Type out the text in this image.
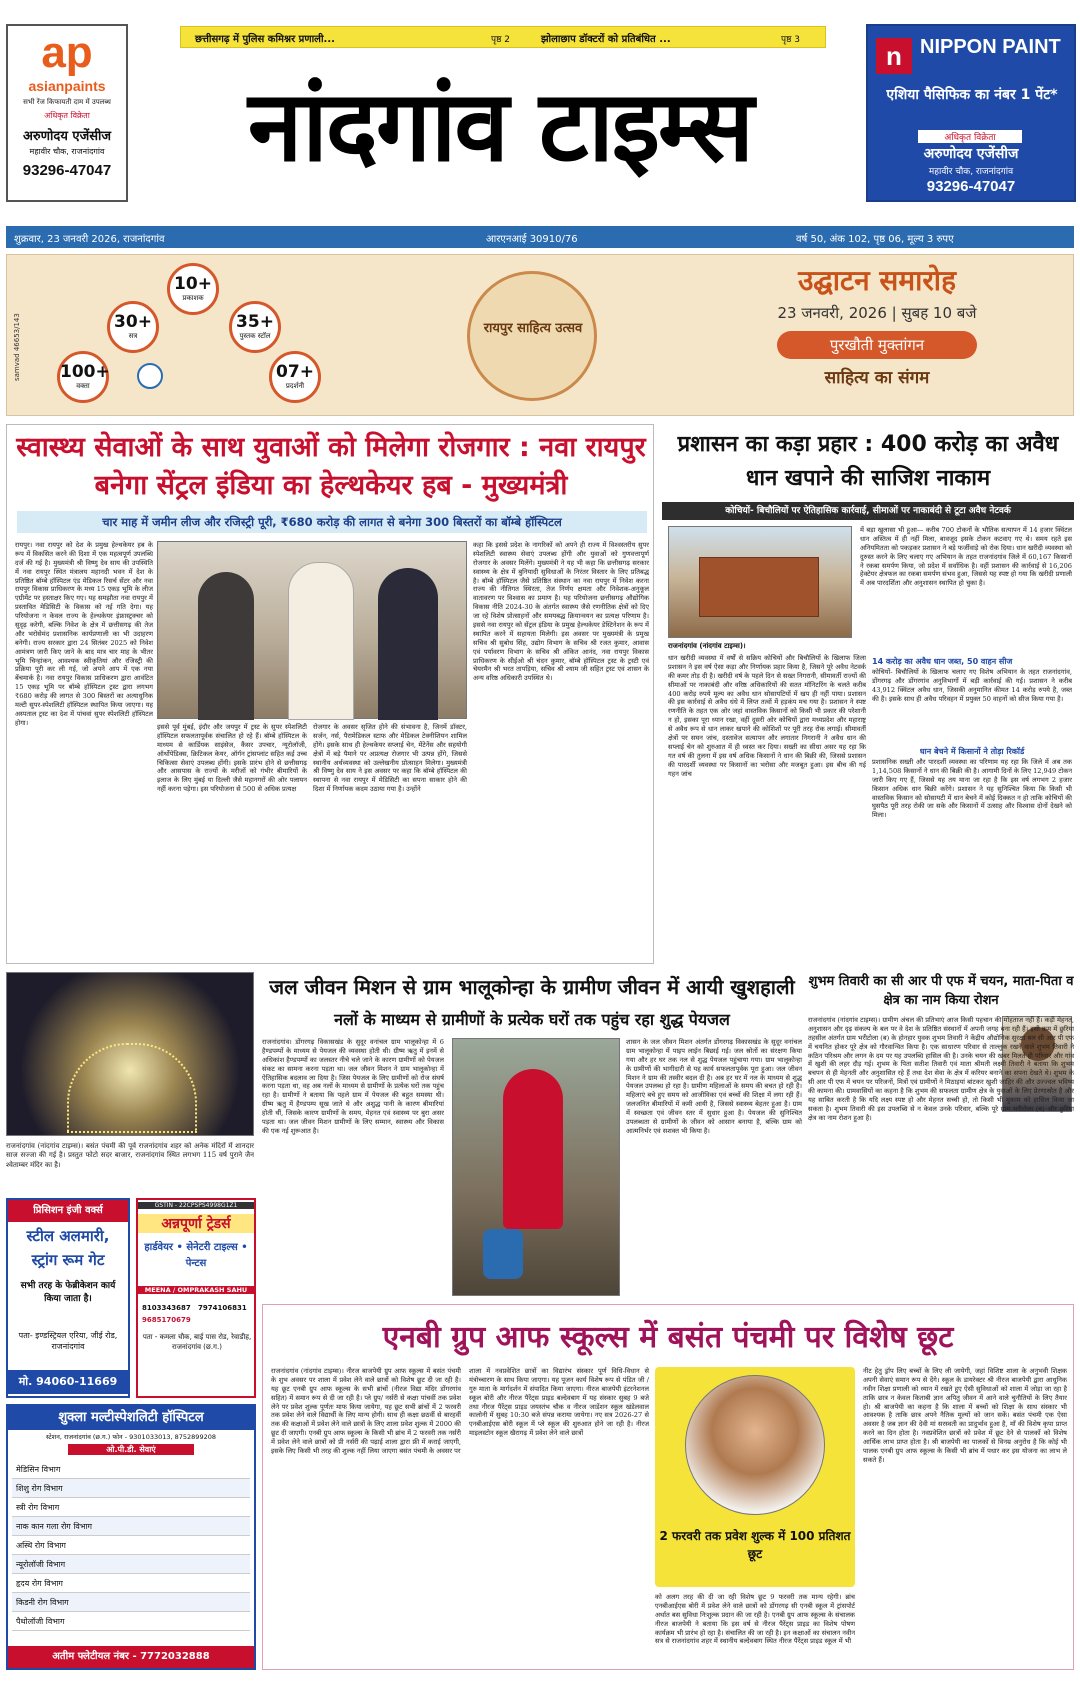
ap
asianpaints
सभी रेंज किफायती दाम में उपलब्ध
अधिकृत विक्रेता
अरुणोदय एजेंसीज
महावीर चौक, राजनांदगांव
93296-47047
छत्तीसगढ़ में पुलिस कमिश्नर प्रणाली...	पृष्ठ 2	झोलाछाप डॉक्टरों को प्रतिबंधित ...	पृष्ठ 3
नांदगांव टाइम्स
n NIPPON PAINT
एशिया पैसिफिक का नंबर 1 पेंट*
अधिकृत विक्रेता
अरुणोदय एजेंसीज
महावीर चौक, राजनांदगांव
93296-47047
शुक्रवार, 23 जनवरी 2026, राजनांदगांव	आरएनआई 30910/76	वर्ष 50, अंक 102, पृष्ठ 06, मूल्य 3 रुपए
samvad 46653/143	30+
सत्र
10+
प्रकाशक
35+
पुस्तक स्टॉल
07+
प्रदर्शनी
100+
वक्ता
रायपुर साहित्य उत्सव
उद्घाटन समारोह
23 जनवरी, 2026 | सुबह 10 बजे
पुरखौती मुक्तांगन
साहित्य का संगम
स्वास्थ्य सेवाओं के साथ युवाओं को मिलेगा रोजगार : नवा रायपुर बनेगा सेंट्रल इंडिया का हेल्थकेयर हब - मुख्यमंत्री
चार माह में जमीन लीज और रजिस्ट्री पूरी, ₹680 करोड़ की लागत से बनेगा 300 बिस्तरों का बॉम्बे हॉस्पिटल
रायपुर। नवा रायपुर को देश के प्रमुख हेल्थकेयर हब के रूप में विकसित करने की दिशा में एक महत्वपूर्ण उपलब्धि दर्ज की गई है। मुख्यमंत्री श्री विष्णु देव साय की उपस्थिति में नवा रायपुर स्थित मंत्रालय महानदी भवन में देश के प्रतिष्ठित बॉम्बे हॉस्पिटल एंड मेडिकल रिसर्च सेंटर और नवा रायपुर विकास प्राधिकरण के मध्य 15 एकड़ भूमि के लीज एग्रीमेंट पर हस्ताक्षर किए गए। यह समझौता नवा रायपुर में प्रस्तावित मेडिसिटी के विकास को नई गति देगा। यह परियोजना न केवल राज्य के हेल्थकेयर इंफ्रास्ट्रक्चर को सुदृढ़ करेगी, बल्कि निवेश के क्षेत्र में छत्तीसगढ़ की तेज और भरोसेमंद प्रशासनिक कार्यप्रणाली का भी उदाहरण बनेगी। राज्य सरकार द्वारा 24 सितंबर 2025 को निवेश आमंत्रण जारी किए जाने के बाद मात्र चार माह के भीतर भूमि चिन्हांकन, आवश्यक स्वीकृतियां और रजिस्ट्री की प्रक्रिया पूरी कर ली गई, जो अपने आप में एक नया बेंचमार्क है। नवा रायपुर विकास प्राधिकरण द्वारा आवंटित 15 एकड़ भूमि पर बॉम्बे हॉस्पिटल ट्रस्ट द्वारा लगभग ₹680 करोड़ की लागत से 300 बिस्तरों का अत्याधुनिक मल्टी सुपर-स्पेशलिटी हॉस्पिटल स्थापित किया जाएगा। यह अस्पताल ट्रस्ट का देश में पांचवां सुपर स्पेशलिटी हॉस्पिटल होगा।
इससे पूर्व मुंबई, इंदौर और जयपुर में ट्रस्ट के सुपर स्पेशलिटी हॉस्पिटल सफलतापूर्वक संचालित हो रहे हैं। बॉम्बे हॉस्पिटल के माध्यम से कार्डियक साइंसेज, कैंसर उपचार, न्यूरोलॉजी, ऑर्थोपेडिक्स, क्रिटिकल केयर, ऑर्गन ट्रांसप्लांट सहित कई उच्च चिकित्सा सेवाएं उपलब्ध होंगी। इसके प्रारंभ होने से छत्तीसगढ़ और आसपास के राज्यों के मरीजों को गंभीर बीमारियों के इलाज के लिए मुंबई या दिल्ली जैसे महानगरों की ओर पलायन नहीं करना पड़ेगा। इस परियोजना से 500 से अधिक प्रत्यक्ष
रोजगार के अवसर सृजित होने की संभावना है, जिनमें डॉक्टर, सर्जन, नर्स, पैरामेडिकल स्टाफ और मेडिकल टेक्नीशियन शामिल होंगे। इसके साथ ही हेल्थकेयर सप्लाई चेन, मेंटेनेंस और सहयोगी क्षेत्रों में बड़े पैमाने पर अप्रत्यक्ष रोजगार भी उत्पन्न होंगे, जिससे स्थानीय अर्थव्यवस्था को उल्लेखनीय प्रोत्साहन मिलेगा। मुख्यमंत्री श्री विष्णु देव साय ने इस अवसर पर कहा कि बॉम्बे हॉस्पिटल की स्थापना से नवा रायपुर में मेडिसिटी का सपना साकार होने की दिशा में निर्णायक कदम उठाया गया है। उन्होंने
कहा कि इससे प्रदेश के नागरिकों को अपने ही राज्य में विश्वस्तरीय सुपर स्पेशलिटी स्वास्थ्य सेवाएं उपलब्ध होंगी और युवाओं को गुणवत्तापूर्ण रोजगार के अवसर मिलेंगे। मुख्यमंत्री ने यह भी कहा कि छत्तीसगढ़ सरकार स्वास्थ्य के क्षेत्र में बुनियादी सुविधाओं के निरंतर विस्तार के लिए प्रतिबद्ध है। बॉम्बे हॉस्पिटल जैसे प्रतिष्ठित संस्थान का नवा रायपुर में निवेश करना राज्य की नीतिगत स्थिरता, तेज निर्णय क्षमता और निवेशक-अनुकूल वातावरण पर विश्वास का प्रमाण है। यह परियोजना छत्तीसगढ़ औद्योगिक विकास नीति 2024-30 के अंतर्गत स्वास्थ्य जैसे रणनीतिक क्षेत्रों को दिए जा रहे विशेष प्रोत्साहनों और समयबद्ध क्रियान्वयन का प्रत्यक्ष परिणाम है। इससे नवा रायपुर को सेंट्रल इंडिया के प्रमुख हेल्थकेयर डेस्टिनेशन के रूप में स्थापित करने में सहायता मिलेगी। इस अवसर पर मुख्यमंत्री के प्रमुख सचिव श्री सुबोध सिंह, उद्योग विभाग के सचिव श्री रजत कुमार, आवास एवं पर्यावरण विभाग के सचिव श्री अंकित आनंद, नवा रायपुर विकास प्राधिकरण के सीईओ श्री चंदन कुमार, बॉम्बे हॉस्पिटल ट्रस्ट के ट्रस्टी एवं चेयरमैन श्री भरत तापड़िया, सचिव श्री श्याम जी सहित ट्रस्ट एवं शासन के अन्य वरिष्ठ अधिकारी उपस्थित थे।
प्रशासन का कड़ा प्रहार : 400 करोड़ का अवैध धान खपाने की साजिश नाकाम
कोचियों- बिचौलियों पर ऐतिहासिक कार्रवाई, सीमाओं पर नाकाबंदी से टूटा अवैध नेटवर्क
में बड़ा खुलासा भी हुआ— करीब 700 टोकनों के भौतिक सत्यापन में 14 हजार क्विंटल धान अस्तित्व में ही नहीं मिला, बावजूद इसके टोकन कटवाए गए थे। समय रहते इस अनियमितता को पकड़कर प्रशासन ने बड़े फर्जीवाड़े को रोक दिया। धान खरीदी व्यवस्था को दुरुस्त करने के लिए चलाए गए अभियान के तहत राजनांदगांव जिले में 60,167 किसानों ने रकबा समर्पण किया, जो प्रदेश में सर्वाधिक है। वहीं प्रशासन की कार्रवाई से 16,206 हेक्टेयर क्षेत्रफल का रकबा समर्पण संभव हुआ, जिससे यह स्पष्ट हो गया कि खरीदी प्रणाली में अब पारदर्शिता और अनुशासन स्थापित हो चुका है।
राजनांदगांव (नांदगांव टाइम्स)।
धान खरीदी व्यवस्था में वर्षों से सक्रिय कोचियों और बिचौलियों के खिलाफ जिला प्रशासन ने इस वर्ष ऐसा कड़ा और निर्णायक प्रहार किया है, जिसने पूरे अवैध नेटवर्क की कमर तोड़ दी है। खरीदी वर्ष के पहले दिन से सख्त निगरानी, सीमावर्ती राज्यों की सीमाओं पर नाकाबंदी और वरिष्ठ अधिकारियों की सतत मॉनिटरिंग के चलते करीब 400 करोड़ रुपये मूल्य का अवैध धान सोसायटियों में खप ही नहीं पाया। प्रशासन की इस कार्रवाई से अवैध धंधे में लिप्त तत्वों में हड़कंप मच गया है। प्रशासन ने स्पष्ट रणनीति के तहत एक ओर जहां वास्तविक किसानों को किसी भी प्रकार की परेशानी न हो, इसका पूरा ध्यान रखा, वहीं दूसरी ओर कोचियों द्वारा मध्यप्रदेश और महाराष्ट्र से अवैध रूप से धान लाकर खपाने की कोशिशों पर पूरी तरह रोक लगाई। सीमावर्ती क्षेत्रों पर सघन जांच, दस्तावेज सत्यापन और लगातार निगरानी ने अवैध धान की सप्लाई चेन को शुरुआत में ही ध्वस्त कर दिया। सख्ती का सीधा असर यह रहा कि गत वर्ष की तुलना में इस वर्ष अधिक किसानों ने धान की बिक्री की, जिससे प्रशासन की पारदर्शी व्यवस्था पर किसानों का भरोसा और मजबूत हुआ। इस बीच की गई गहन जांच
14 करोड़ का अवैध धान जब्त, 50 वाहन सीज
कोचियों- बिचौलियों के खिलाफ चलाए गए विशेष अभियान के तहत राजनांदगांव, डोंगरगढ़ और डोंगरगांव अनुविभागों में बड़ी कार्रवाई की गई। प्रशासन ने करीब 43,912 क्विंटल अवैध धान, जिसकी अनुमानित कीमत 14 करोड़ रुपये है, जब्त की है। इसके साथ ही अवैध परिवहन में प्रयुक्त 50 वाहनों को सीज किया गया है।
धान बेचने में किसानों ने तोड़ा रिकॉर्ड
प्रशासनिक सख्ती और पारदर्शी व्यवस्था का परिणाम यह रहा कि जिले में अब तक 1,14,508 किसानों ने धान की बिक्री की है। आगामी दिनों के लिए 12,949 टोकन जारी किए गए हैं, जिससे यह तय माना जा रहा है कि इस वर्ष लगभग 2 हजार किसान अधिक धान बिक्री करेंगे। प्रशासन ने यह सुनिश्चित किया कि किसी भी वास्तविक किसान को सोसायटी में धान बेचने में कोई दिक्कत न हो ताकि कोचियों की घुसपैठ पूरी तरह रोकी जा सके और किसानों में उत्साह और विश्वास दोनों देखने को मिला।
राजनांदगांव (नांदगांव टाइम्स)। बसंत पंचमी की पूर्व राजनांदगांव शहर को अनेक मंदिरों में शानदार साज सज्जा की गई है। प्रस्तुत फोटो सदर बाजार, राजनांदगांव स्थित लगभग 115 वर्ष पुराने जैन श्वेताम्बर मंदिर का है।
जल जीवन मिशन से ग्राम भालूकोन्हा के ग्रामीण जीवन में आयी खुशहाली
नलों के माध्यम से ग्रामीणों के प्रत्येक घरों तक पहुंच रहा शुद्ध पेयजल
राजनांदगांव। डोंगरगढ़ विकासखंड के सुदूर वनांचल ग्राम भालूकोन्हा में 6 हैण्डपम्पों के माध्यम से पेयजल की व्यवस्था होती थी। ग्रीष्म ऋतु में इनमें से अधिकांश हैण्डपम्पों का जलस्तर नीचे चले जाने के कारण ग्रामीणों को पेयजल संकट का सामना करना पड़ता था। जल जीवन मिशन ने ग्राम भालूकोन्हा में ऐतिहासिक बदलाव ला दिया है। जिस पेयजल के लिए ग्रामीणों को रोज संघर्ष करना पड़ता था, वह अब नलों के माध्यम से ग्रामीणों के प्रत्येक घरों तक पहुंच रहा है। ग्रामीणों ने बताया कि पहले ग्राम में पेयजल की बहुत समस्या थी। ग्रीष्म ऋतु में हैण्डपम्प सूख जाते थे और अशुद्ध पानी के कारण बीमारियां होती थीं, जिसके कारण ग्रामीणों के समय, मेहनत एवं स्वास्थ्य पर बुरा असर पड़ता था। जल जीवन मिशन ग्रामीणों के लिए सम्मान, स्वास्थ्य और विकास की एक नई शुरूआत है।
शासन के जल जीवन मिशन अंतर्गत डोंगरगढ़ विकासखंड के सुदूर वनांचल ग्राम भालूकोन्हा में पाइप लाईन बिछाई गई। जल स्रोतों का संरक्षण किया गया और हर घर तक नल से शुद्ध पेयजल पहुंचाया गया। ग्राम भालूकोन्हा के ग्रामीणों की भागीदारी से यह कार्य सफलतापूर्वक पूरा हुआ। जल जीवन मिशन ने ग्राम की तस्वीर बदल दी है। अब हर घर में नल के माध्यम से शुद्ध पेयजल उपलब्ध हो रहा है। ग्रामीण महिलाओं के समय की बचत हो रही है। महिलाएं बचे हुए समय को आजीविका एवं बच्चों की शिक्षा में लगा रही हैं। जलजनित बीमारियों में कमी आयी है, जिससे स्वास्थ्य बेहतर हुआ है। ग्राम में स्वच्छता एवं जीवन स्तर में सुधार हुआ है। पेयजल की सुनिश्चित उपलब्धता से ग्रामीणों के जीवन को आसान बनाया है, बल्कि ग्राम को आत्मनिर्भर एवं सशक्त भी किया है।
शुभम तिवारी का सी आर पी एफ में चयन, माता-पिता व क्षेत्र का नाम किया रोशन
राजनांदगांव (नांदगांव टाइम्स)। ग्रामीण अंचल की प्रतिभाएं आज किसी पहचान की मोहताज नहीं हैं। कड़ी मेहनत, अनुशासन और दृढ़ संकल्प के बल पर वे देश के प्रतिष्ठित संस्थानों में अपनी जगह बना रही हैं। इसी क्रम में छुरिया तहसील अंतर्गत ग्राम भरीटोला (ब) के होनहार युवक शुभम तिवारी ने केंद्रीय औद्योगिक सुरक्षा बल सी आर पी एफ में चयनित होकर पूरे क्षेत्र को गौरवान्वित किया है। एक साधारण परिवार से ताल्लुक रखने वाले शुभम तिवारी ने कठिन परिश्रम और लगन के दम पर यह उपलब्धि हासिल की है। उनके चयन की खबर मिलते ही परिवार और गांव में खुशी की लहर दौड़ गई। शुभम के पिता सतीश तिवारी एवं माता श्रीमती लक्ष्मी तिवारी ने बताया कि शुभम बचपन से ही मेहनती और अनुशासित रहे हैं तथा देश सेवा के क्षेत्र में करियर बनाने का सपना देखते थे। शुभम के सी आर पी एफ में चयन पर परिजनों, मित्रों एवं ग्रामीणों ने मिठाइयां बांटकर खुशी जाहिर की और उज्ज्वल भविष्य की कामना की। ग्रामवासियों का कहना है कि शुभम की सफलता ग्रामीण क्षेत्र के युवाओं के लिए प्रेरणास्रोत है और यह साबित करती है कि यदि लक्ष्य स्पष्ट हो और मेहनत सच्ची हो, तो किसी भी मुकाम को हासिल किया जा सकता है। शुभम तिवारी की इस उपलब्धि से न केवल उनके परिवार, बल्कि पूरे ग्राम भरीटोला (ब) और छुरिया क्षेत्र का नाम रोशन हुआ है।
प्रिसिशन इंजी वर्क्स
स्टील अलमारी,
स्ट्रांग रूम गेट
सभी तरह के फेब्रीकेशन कार्य किया जाता है।
पता- इण्डस्ट्रियल एरिया, जीई रोड, राजनांदगांव
मो. 94060-11669
GSTIN - 22CPSPS4998G1Z1
अन्नपूर्णा ट्रेडर्स
हार्डवेयर • सेनेटरी टाइल्स • पेन्टस
MEENA / OMPRAKASH SAHU
8103343687	7974106831
9685170679
पता - कमला चौक, बाई पास रोड, रेवाडीह, राजनांदगांव (छ.ग.)
शुक्ला मल्टीस्पेशलिटी हॉस्पिटल
स्टेशन, राजनांदगांव (छ.ग.) फोन - 9301033013, 8752899208
ओ.पी.डी. सेवाएं
मेडिसिन विभाग
शिशु रोग विभाग
स्त्री रोग विभाग
नाक कान गला रोग विभाग
अस्थि रोग विभाग
न्यूरोलॉजी विभाग
हृदय रोग विभाग
किडनी रोग विभाग
पैथोलॉजी विभाग
अतीम फ्लेटीयल नंबर - 7772032888
एनबी ग्रुप आफ स्कूल्स में बसंत पंचमी पर विशेष छूट
राजनांदगांव (नांदगांव टाइम्स)। नीरज बाजपेयी ग्रुप आफ स्कूल्स में बसंत पंचमी के शुभ अवसर पर शाला में प्रवेश लेने वाले छात्रों को विशेष छूट दी जा रही है। यह छूट एनबी ग्रुप आफ स्कूल्स के सभी ब्रांचों (नीरज विद्या मंदिर डोंगरगांव सहित) में समान रूप से दी जा रही है। प्ले ग्रुप/ नर्सरी से कक्षा पांचवीं तक प्रवेश लेने पर प्रवेश शुल्क पूर्णतः माफ किया जायेगा, यह छूट सभी ब्रांचों में 2 फरवरी तक प्रवेश लेने वाले विद्यार्थी के लिए मान्य होगी। साथ ही कक्षा छठवीं से बारहवीं तक की कक्षाओं में प्रवेश लेने वाले छात्रों के लिए शाला प्रवेश शुल्क में 2000 की छूट दी जाएगी। एनबी ग्रुप आफ स्कूल्स के किसी भी ब्रांच में 2 फरवरी तक नर्सरी में प्रवेश लेने वाले छात्रों को प्री नर्सरी की पढ़ाई शाला द्वारा फ्री में कराई जाएगी, इसके लिए किसी भी तरह की शुल्क नहीं लिया जाएगा बसंत पंचमी के अवसर पर
शाला में नवप्रवेशित छात्रों का विद्यारंभ संस्कार पूर्ण विधि-विधान से मंत्रोच्चारण के साथ किया जाएगा। यह पूजन कार्य विशेष रूप से पंडित जी / गुरु माता के मार्गदर्शन में संपादित किया जाएगा। नीरज बाजपेयी इंटरनेशनल स्कूल बोरी और नीरज पैरेंट्स प्राइड बल्देवबाग में यह संस्कार सुबह 9 बजे तथा नीरज पैरेंट्स प्राइड जयस्तंभ चौक व नीरज जाडेंशन स्कूल खंडेलवाल कालोनी में सुबह 10:30 बजे संपन्न कराया जायेगा। नए सत्र 2026-27 से एनबीआईएस बोरी स्कूल में प्ले स्कूल की शुरुआत होने जा रही है। नीरज माइलस्टोन स्कूल खैरागढ़ में प्रवेश लेने वाले छात्रों
2 फरवरी तक प्रवेश शुल्क में 100 प्रतिशत छूट
को अलग तरह की दी जा रही विशेष छूट 9 फरवरी तक मान्य रहेगी। ब्रांच एनबीआईएस बोरी में प्रवेश लेने वाले छात्रों को डोंगरगढ़ सी एनबी स्कूल में ट्रांसपोर्ट अर्थात बस सुविधा निःशुल्क प्रदान की जा रही है। एनबी ग्रुप आफ स्कूल्स के संचालक नीरज बाजपेयी ने बताया कि इस वर्ष से नीरज पैरेंट्स प्राइड का विशेष पोषण कार्यक्रम भी प्रारंभ हो रहा है। संचालित की जा रही है। इन कक्षाओं का संचालन नवीन सत्र से राजनांदगांव शहर में स्थानीय बल्देवबाग स्थित नीरज पैरेंट्स प्राइड स्कूल में भी
नीट हेतु ड्रॉप लिए बच्चों के लिए ली जायेगी, जहां विशिष्ट शाला के अनुभवी शिक्षक अपनी सेवाएं समान रूप से देंगे। स्कूल के डायरेक्टर श्री नीरज बाजपेयी द्वारा आधुनिक नवीन शिक्षा प्रणाली को ध्यान में रखते हुए ऐसी सुविधाओं को शाला में जोड़ा जा रहा है ताकि छात्र न केवल किताबी ज्ञान अपितु जीवन में आने वाले चुनौतियों के लिए तैयार हो। श्री बाजपेयी का कहना है कि शाला में बच्चों को शिक्षा के साथ संस्कार भी आवश्यक है ताकि छात्र अपने नैतिक मूल्यों को जान सकें। बसंत पंचमी एक ऐसा अवसर है जब ज्ञान की देवी मां सरस्वती का प्रादुर्भाव हुआ है, माँ की विशेष कृपा प्राप्त करने का दिन होता है। नवप्रवेशित छात्रों को प्रवेश में छूट देने से पालकों को विशेष आर्थिक लाभ प्राप्त होता है। श्री बाजपेयी का पालकों से विनम्र अनुरोध है कि कोई भी पालक एनबी ग्रुप आफ स्कूल्स के किसी भी ब्रांच में पधार कर इस योजना का लाभ ले सकते हैं।
